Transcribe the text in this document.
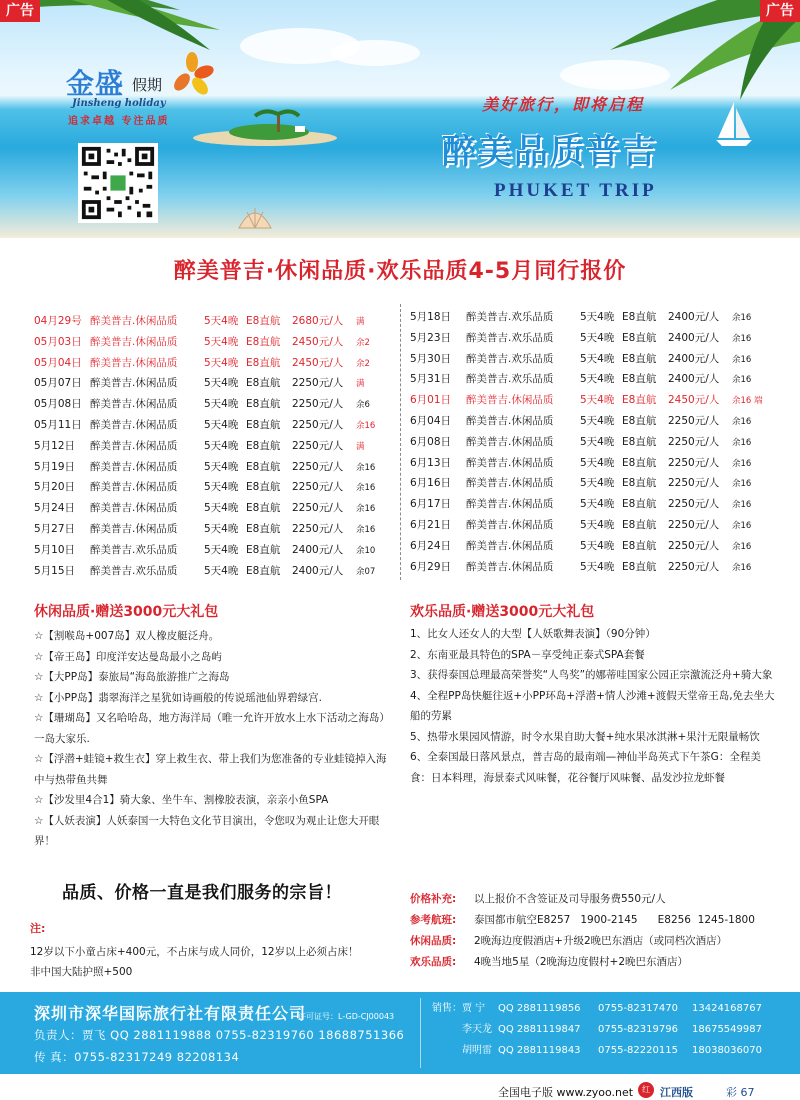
广告	广告
金盛 假期
Jinsheng holiday
追求卓越 专注品质
美好旅行，即将启程
醉美品质普吉
PHUKET TRIP
醉美普吉·休闲品质·欢乐品质4-5月同行报价
04月29号 醉美普吉.休闲品质	5天4晚 E8直航	2680元/人	满
05月03日 醉美普吉.休闲品质	5天4晚 E8直航	2450元/人	余2
05月04日 醉美普吉.休闲品质	5天4晚 E8直航	2450元/人	余2
05月07日 醉美普吉.休闲品质	5天4晚 E8直航	2250元/人	满
05月08日 醉美普吉.休闲品质	5天4晚 E8直航	2250元/人	余6
05月11日 醉美普吉.休闲品质	5天4晚 E8直航	2250元/人	余16
5月12日	醉美普吉.休闲品质	5天4晚 E8直航	2250元/人	满
5月19日	醉美普吉.休闲品质	5天4晚 E8直航	2250元/人	余16
5月20日	醉美普吉.休闲品质	5天4晚 E8直航	2250元/人	余16
5月24日	醉美普吉.休闲品质	5天4晚 E8直航	2250元/人	余16
5月27日	醉美普吉.休闲品质	5天4晚 E8直航	2250元/人	余16
5月10日	醉美普吉.欢乐品质	5天4晚 E8直航	2400元/人	余10
5月15日	醉美普吉.欢乐品质	5天4晚 E8直航	2400元/人	余07
5月18日	醉美普吉.欢乐品质	5天4晚 E8直航	2400元/人	余16
5月23日	醉美普吉.欢乐品质	5天4晚 E8直航	2400元/人	余16
5月30日	醉美普吉.欢乐品质	5天4晚 E8直航	2400元/人	余16
5月31日	醉美普吉.欢乐品质	5天4晚 E8直航	2400元/人	余16
6月01日	醉美普吉.休闲品质	5天4晚 E8直航	2450元/人	余16 端
6月04日	醉美普吉.休闲品质	5天4晚 E8直航	2250元/人	余16
6月08日	醉美普吉.休闲品质	5天4晚 E8直航	2250元/人	余16
6月13日	醉美普吉.休闲品质	5天4晚 E8直航	2250元/人	余16
6月16日	醉美普吉.休闲品质	5天4晚 E8直航	2250元/人	余16
6月17日	醉美普吉.休闲品质	5天4晚 E8直航	2250元/人	余16
6月21日	醉美普吉.休闲品质	5天4晚 E8直航	2250元/人	余16
6月24日	醉美普吉.休闲品质	5天4晚 E8直航	2250元/人	余16
6月29日	醉美普吉.休闲品质	5天4晚 E8直航	2250元/人	余16
休闲品质·赠送3000元大礼包	欢乐品质·赠送3000元大礼包

☆【割喉岛+007岛】双人橡皮艇泛舟。

☆【帝王岛】印度洋安达曼岛最小之岛屿

☆【大PP岛】泰旅局“海岛旅游推广之海岛

☆【小PP岛】翡翠海洋之星犹如诗画般的传说瑶池仙界碧绿宫.

☆【珊瑚岛】又名哈哈岛，地方海洋局（唯一允许开放水上水下活动之海岛）一岛大家乐.

☆【浮潜+蛙镜+救生衣】穿上救生衣、带上我们为您准备的专业蛙镜掉入海中与热带鱼共舞

☆【沙发里4合1】骑大象、坐牛车、割橡胶表演，亲亲小鱼SPA

☆【人妖表演】人妖泰国一大特色文化节目演出，令您叹为观止让您大开眼界！

1、比女人还女人的大型【人妖歌舞表演】（90分钟）

2、东南亚最具特色的SPA－享受纯正泰式SPA套餐

3、获得泰国总理最高荣誉奖“人鸟奖”的娜蒂哇国家公园正宗激流泛舟+骑大象

4、全程PP岛快艇往返+小PP环岛+浮潜+情人沙滩+渡假天堂帝王岛,免去坐大船的劳累

5、热带水果园风情游，时令水果自助大餐+纯水果冰淇淋+果汁无限量畅饮

6、全泰国最日落风景点，普吉岛的最南端—神仙半岛英式下午茶G：全程美食：日本料理，海景泰式风味餐，花谷餐厅风味餐、晶发沙拉龙虾餐

品质、价格一直是我们服务的宗旨！
注:

12岁以下小童占床+400元，不占床与成人同价，12岁以上必须占床！

非中国大陆护照+500

价格补充: 以上报价不含签证及司导服务费550元/人
参考航班: 泰国都市航空E8257   1900-2145      E8256  1245-1800
休闲品质: 2晚海边度假酒店+升级2晚巴东酒店（或同档次酒店）
欢乐品质: 4晚当地5星（2晚海边度假村+2晚巴东酒店）
深圳市深华国际旅行社有限责任公司
许可证号：L-GD-CJ00043
负责人：贾飞 QQ 2881119888 0755-82319760 18688751366
传 真：0755-82317249 82208134
销售：贾 宁 QQ 2881119856 0755-82317470 13424168767
李天龙 QQ 2881119847 0755-82319796 18675549987
胡明雷 QQ 2881119843 0755-82220115 18038036070
全国电子版 www.zyoo.net	红 江西版	彩 67
